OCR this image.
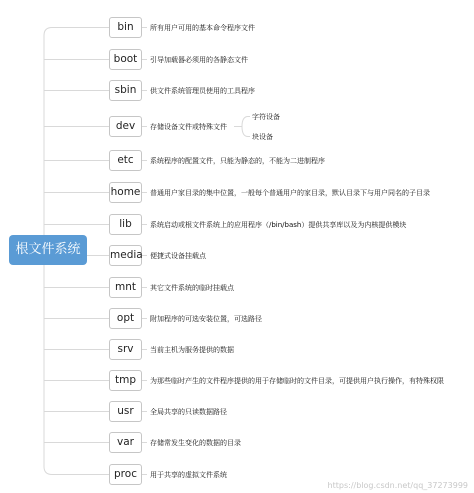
根文件系统
bin	所有用户可用的基本命令程序文件
boot	引导加载器必须用的各静态文件
sbin	供文件系统管理员使用的工具程序
dev	存储设备文件或特殊文件
字符设备
块设备
etc	系统程序的配置文件，只能为静态的，不能为二进制程序
home 普通用户家目录的集中位置，一般每个普通用户的家目录，默认目录下与用户同名的子目录
lib	系统启动或根文件系统上的应用程序（/bin/bash）提供共享库以及为内核提供模块
media 便捷式设备挂载点
mnt	其它文件系统的临时挂载点
opt	附加程序的可选安装位置，可选路径
srv	当前主机为服务提供的数据
tmp	为那些临时产生的文件程序提供的用于存储临时的文件目录，可提供用户执行操作，有特殊权限
usr	全局共享的只读数据路径
var	存储常发生变化的数据的目录
proc	用于共享的虚拟文件系统
https://blog.csdn.net/qq_37273999
